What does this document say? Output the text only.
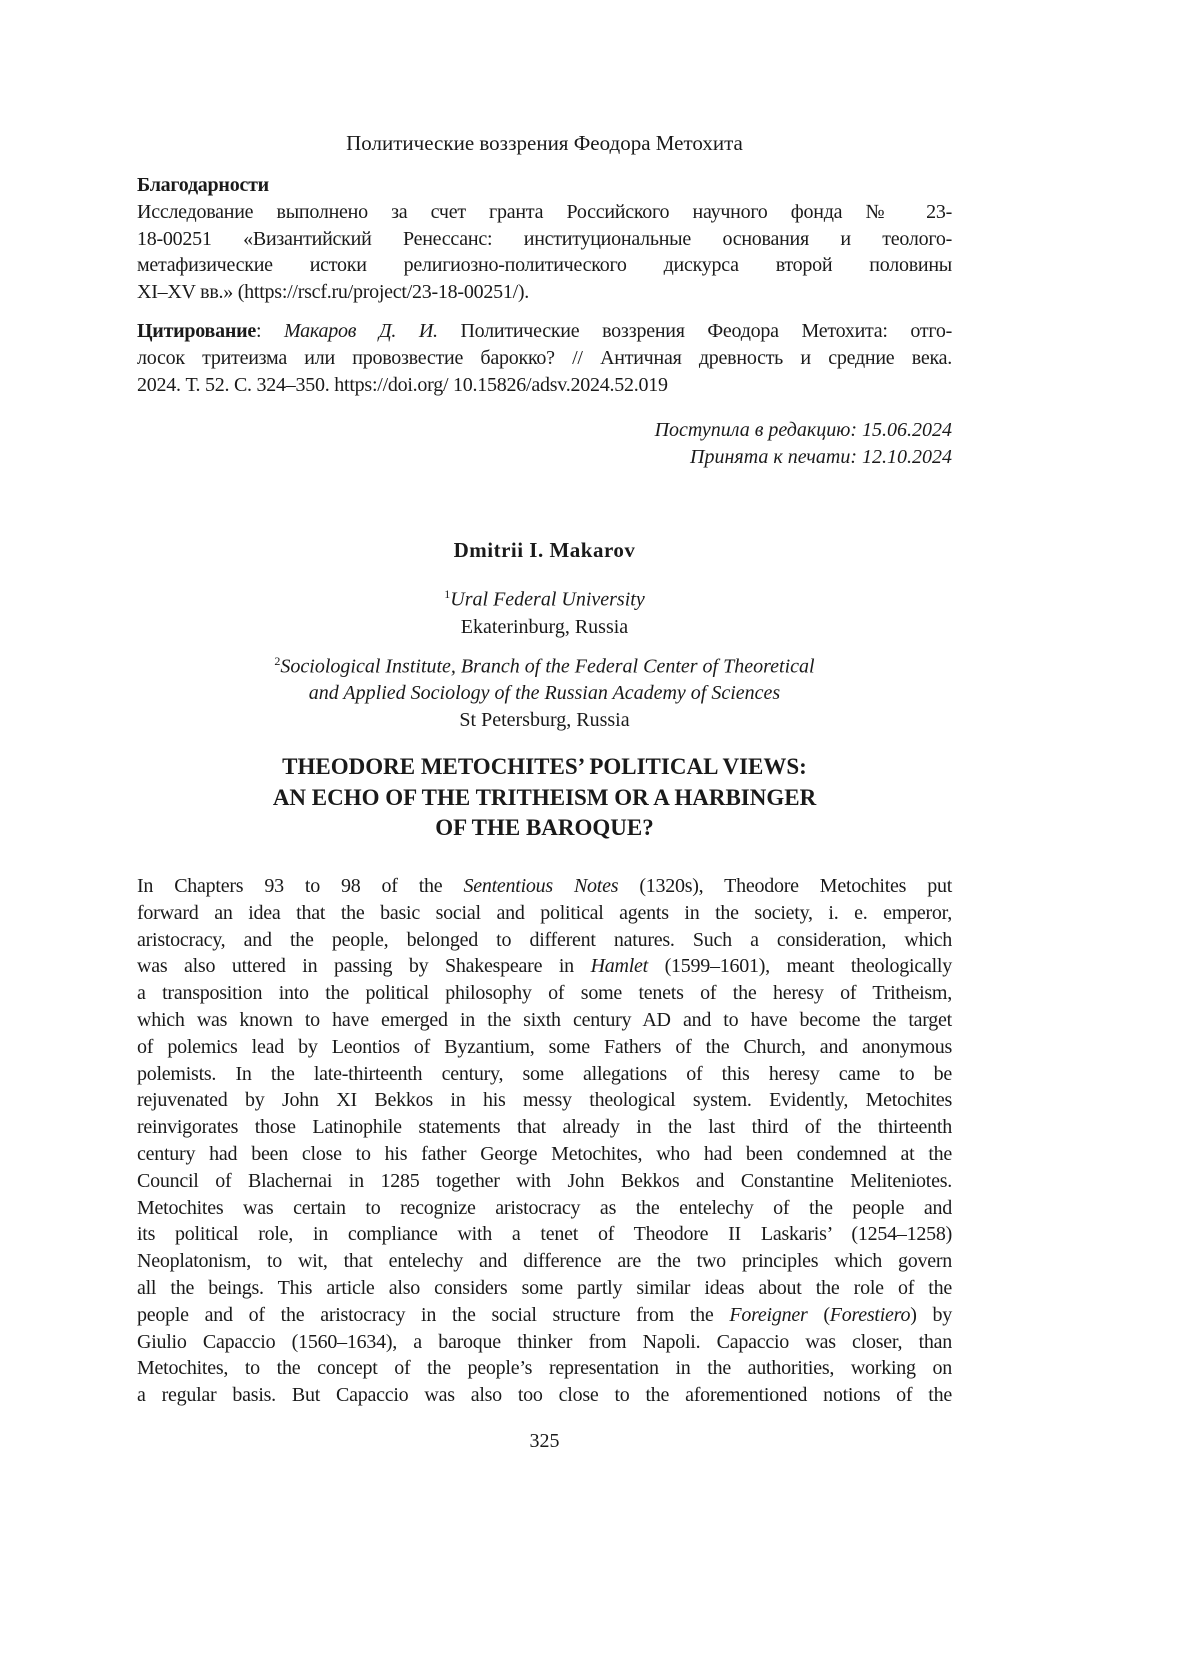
Политические воззрения Феодора Метохита
Благодарности
Исследование выполнено за счет гранта Российского научного фонда № 23-
18-00251 «Византийский Ренессанс: институциональные основания и теолого-
метафизические истоки религиозно-политического дискурса второй половины
XI–XV вв.» (https://rscf.ru/project/23-18-00251/).
Цитирование: Макаров Д. И. Политические воззрения Феодора Метохита: отго-
лосок тритеизма или провозвестие барокко? // Античная древность и средние века.
2024. Т. 52. С. 324–350. https://doi.org/ 10.15826/adsv.2024.52.019
Поступила в редакцию: 15.06.2024
Принята к печати: 12.10.2024
Dmitrii I. Makarov
1Ural Federal University
Ekaterinburg, Russia
2Sociological Institute, Branch of the Federal Center of Theoretical
and Applied Sociology of the Russian Academy of Sciences
St Petersburg, Russia
THEODORE METOCHITES’ POLITICAL VIEWS:
AN ECHO OF THE TRITHEISM OR A HARBINGER
OF THE BAROQUE?
In Chapters 93 to 98 of the Sententious Notes (1320s), Theodore Metochites put
forward an idea that the basic social and political agents in the society, i. e. emperor,
aristocracy, and the people, belonged to different natures. Such a consideration, which
was also uttered in passing by Shakespeare in Hamlet (1599–1601), meant theologically
a transposition into the political philosophy of some tenets of the heresy of Tritheism,
which was known to have emerged in the sixth century AD and to have become the target
of polemics lead by Leontios of Byzantium, some Fathers of the Church, and anonymous
polemists. In the late-thirteenth century, some allegations of this heresy came to be
rejuvenated by John XI Bekkos in his messy theological system. Evidently, Metochites
reinvigorates those Latinophile statements that already in the last third of the thirteenth
century had been close to his father George Metochites, who had been condemned at the
Council of Blachernai in 1285 together with John Bekkos and Constantine Meliteniotes.
Metochites was certain to recognize aristocracy as the entelechy of the people and
its political role, in compliance with a tenet of Theodore II Laskaris’ (1254–1258)
Neoplatonism, to wit, that entelechy and difference are the two principles which govern
all the beings. This article also considers some partly similar ideas about the role of the
people and of the aristocracy in the social structure from the Foreigner (Forestiero) by
Giulio Capaccio (1560–1634), a baroque thinker from Napoli. Capaccio was closer, than
Metochites, to the concept of the people’s representation in the authorities, working on
a regular basis. But Capaccio was also too close to the aforementioned notions of the
325
